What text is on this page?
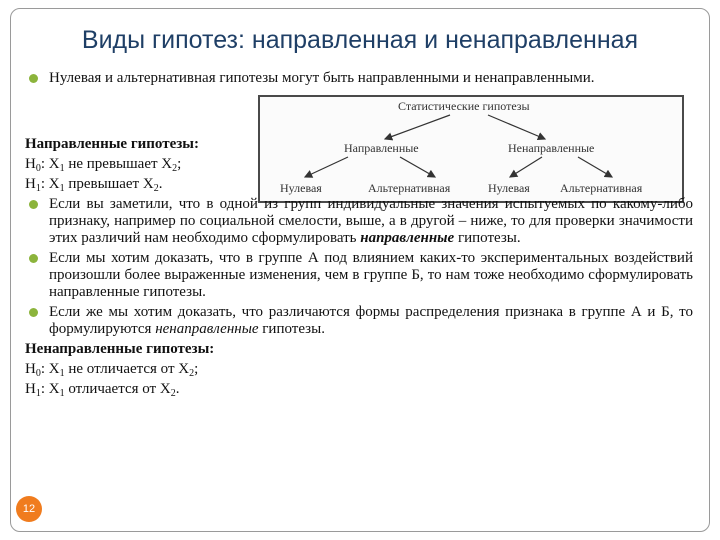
Виды гипотез: направленная и ненаправленная
Статистические гипотезы
Направленные	Ненаправленные
Нулевая	Альтернативная	Нулевая	Альтернативная
Нулевая и альтернативная гипотезы могут быть направленными и ненаправленными.
Направленные гипотезы:
$H_0$: $X_1$ не превышает $X_2$;
$H_1$: $X_1$ превышает $X_2$.
Если вы заметили, что в одной из групп индивидуальные значения испытуемых по какому-либо признаку, например по социальной смелости, выше, а в другой – ниже, то для проверки значимости этих различий нам необходимо сформулировать направленные гипотезы.
Если мы хотим доказать, что в группе А под влиянием каких-то экспериментальных воздействий произошли более выраженные изменения, чем в группе Б, то нам тоже необходимо сформулировать направленные гипотезы.
Если же мы хотим доказать, что различаются формы распределения признака в группе А и Б, то формулируются ненаправленные гипотезы.
Ненаправленные гипотезы:
$H_0$: $X_1$ не отличается от $X_2$;
$H_1$: $X_1$ отличается от $X_2$.
12
